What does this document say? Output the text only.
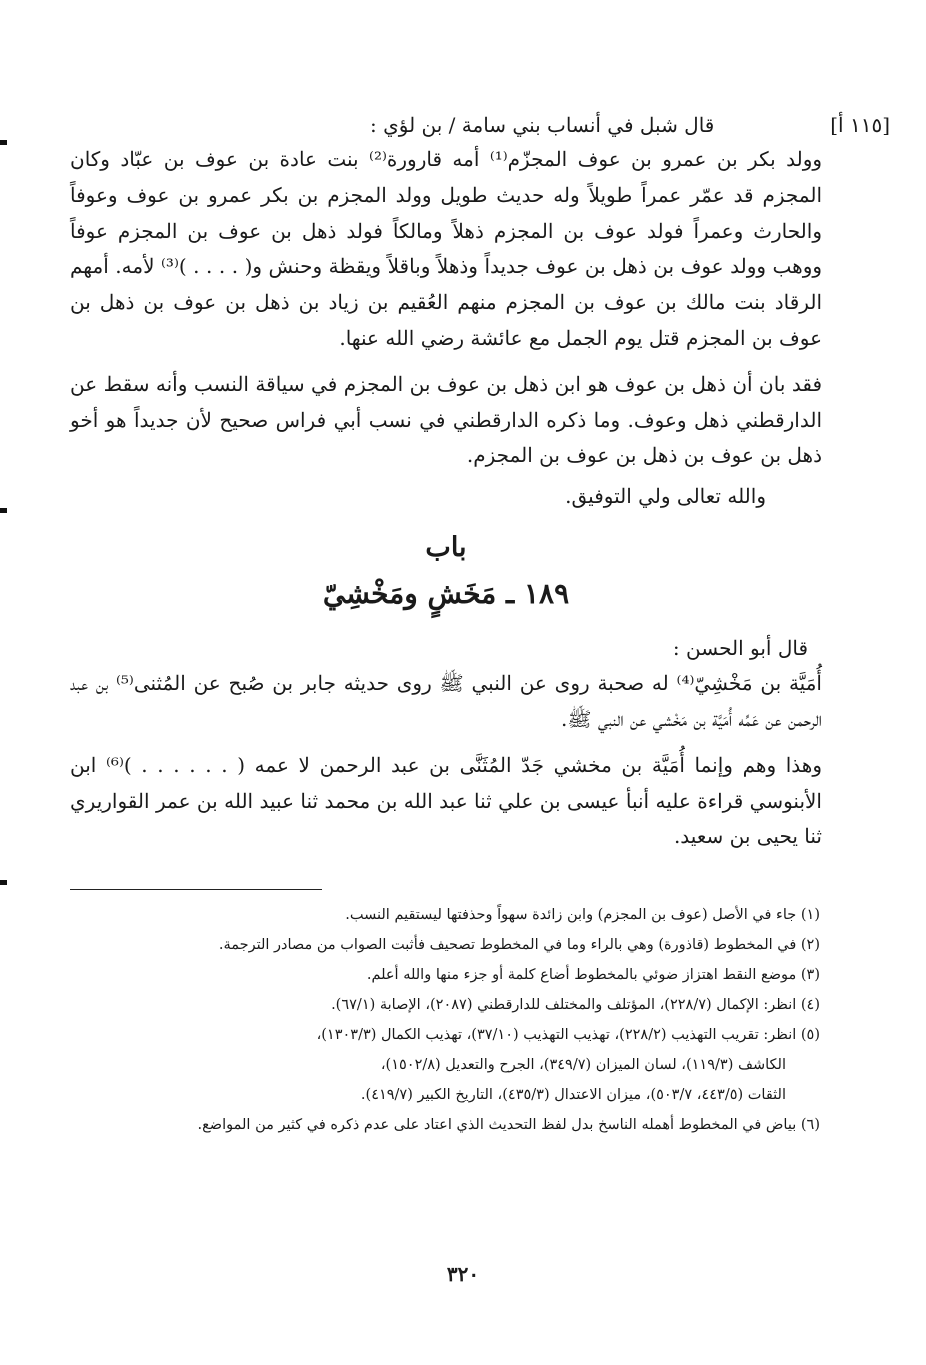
[١١٥ أ]
قال شبل في أنساب بني سامة / بن لؤي :

وولد بكر بن عمرو بن عوف المجزّم⁽¹⁾ أمه قارورة⁽²⁾ بنت عادة بن عوف بن عبّاد وكان المجزم قد عمّر عمراً طويلاً وله حديث طويل وولد المجزم بن بكر عمرو بن عوف وعوفاً والحارث وعمراً فولد عوف بن المجزم ذهلاً ومالكاً فولد ذهل بن عوف بن المجزم عوفاً ووهب وولد عوف بن ذهل بن عوف جديداً وذهلاً وباقلاً ويقظة وحنش و( . . . . )⁽³⁾ لأمه. أمهم الرقاد بنت مالك بن عوف بن المجزم منهم العُقيم بن زياد بن ذهل بن عوف بن ذهل بن عوف بن المجزم قتل يوم الجمل مع عائشة رضي الله عنها.

فقد بان أن ذهل بن عوف هو ابن ذهل بن عوف بن المجزم في سياقة النسب وأنه سقط عن الدارقطني ذهل وعوف. وما ذكره الدارقطني في نسب أبي فراس صحيح لأن جديداً هو أخو ذهل بن عوف بن ذهل بن عوف بن المجزم.

والله تعالى ولي التوفيق.
باب
١٨٩ ـ مَخَشٍ ومَخْشِيّ
قال أبو الحسن :

أُمَيَّة بن مَخْشِيّ⁽⁴⁾ له صحبة روى عن النبي ﷺ روى حديثه جابر بن صُبح عن المُثنى⁽⁵⁾ بن عبد الرحمن عن عَمِّه أُمَيَّة بن مَخْشي عن النبي ﷺ.

وهذا وهم وإنما أُمَيَّة بن مخشي جَدّ المُثَنَّى بن عبد الرحمن لا عمه ( . . . . . . )⁽⁶⁾ ابن الأبنوسي قراءة عليه أنبأ عيسى بن علي ثنا عبد الله بن محمد ثنا عبيد الله بن عمر القواريري ثنا يحيى بن سعيد.

(١) جاء في الأصل (عوف بن المجزم) وابن زائدة سهواً وحذفتها ليستقيم النسب.

(٢) في المخطوط (قاذورة) وهي بالراء وما في المخطوط تصحيف فأثبت الصواب من مصادر الترجمة.

(٣) موضع النقط اهتزاز ضوئي بالمخطوط أضاع كلمة أو جزء منها والله أعلم.

(٤) انظر: الإكمال (٢٢٨/٧)، المؤتلف والمختلف للدارقطني (٢٠٨٧)، الإصابة (٦٧/١).

(٥) انظر: تقريب التهذيب (٢٢٨/٢)، تهذيب التهذيب (٣٧/١٠)، تهذيب الكمال (١٣٠٣/٣)،

الكاشف (١١٩/٣)، لسان الميزان (٣٤٩/٧)، الجرح والتعديل (١٥٠٢/٨)،

الثقات (٤٤٣/٥، ٥٠٣/٧)، ميزان الاعتدال (٤٣٥/٣)، التاريخ الكبير (٤١٩/٧).

(٦) بياض في المخطوط أهمله الناسخ بدل لفظ التحديث الذي اعتاد على عدم ذكره في كثير من المواضع.

٣٢٠
